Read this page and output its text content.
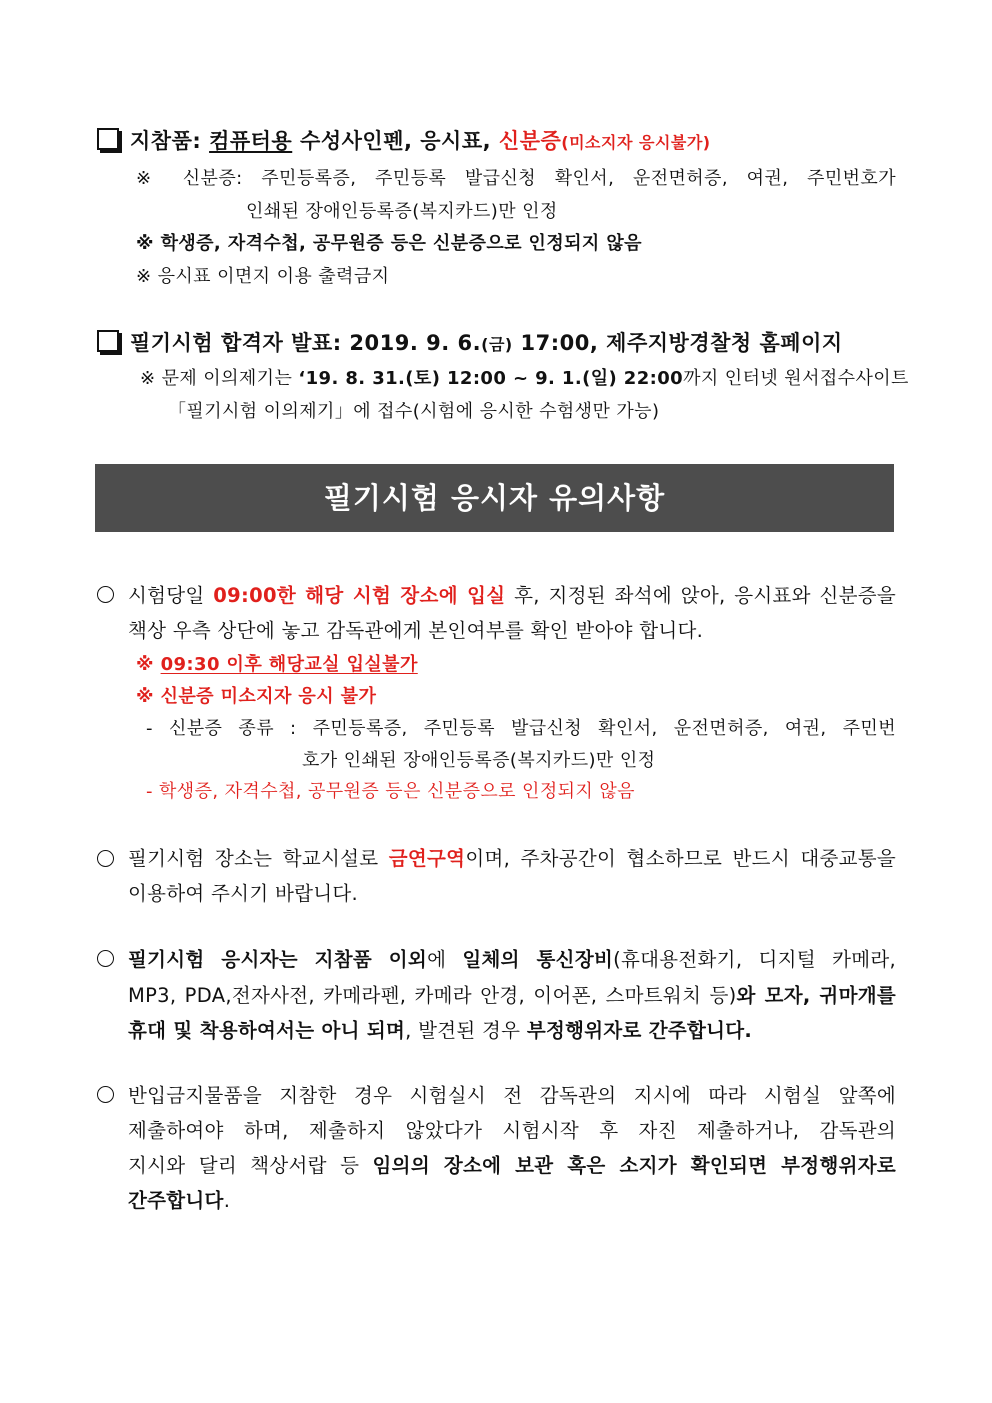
지참품: 컴퓨터용 수성사인펜, 응시표, 신분증(미소지자 응시불가)
※ 신분증: 주민등록증, 주민등록 발급신청 확인서, 운전면허증, 여권, 주민번호가
인쇄된 장애인등록증(복지카드)만 인정
※ 학생증, 자격수첩, 공무원증 등은 신분증으로 인정되지 않음
※ 응시표 이면지 이용 출력금지
필기시험 합격자 발표: 2019. 9. 6.(금) 17:00, 제주지방경찰청 홈페이지
※ 문제 이의제기는 ‘19. 8. 31.(토) 12:00 ~ 9. 1.(일) 22:00까지 인터넷 원서접수사이트
「필기시험 이의제기」에 접수(시험에 응시한 수험생만 가능)
필기시험 응시자 유의사항
시험당일 09:00한 해당 시험 장소에 입실 후, 지정된 좌석에 앉아, 응시표와 신분증을
책상 우측 상단에 놓고 감독관에게 본인여부를 확인 받아야 합니다.
※ 09:30 이후 해당교실 입실불가
※ 신분증 미소지자 응시 불가
- 신분증 종류 : 주민등록증, 주민등록 발급신청 확인서, 운전면허증, 여권, 주민번
호가 인쇄된 장애인등록증(복지카드)만 인정
- 학생증, 자격수첩, 공무원증 등은 신분증으로 인정되지 않음
필기시험 장소는 학교시설로 금연구역이며, 주차공간이 협소하므로 반드시 대중교통을
이용하여 주시기 바랍니다.
필기시험 응시자는 지참품 이외에 일체의 통신장비(휴대용전화기, 디지털 카메라,
MP3, PDA,전자사전, 카메라펜, 카메라 안경, 이어폰, 스마트워치 등)와 모자, 귀마개를
휴대 및 착용하여서는 아니 되며, 발견된 경우 부정행위자로 간주합니다.
반입금지물품을 지참한 경우 시험실시 전 감독관의 지시에 따라 시험실 앞쪽에
제출하여야 하며, 제출하지 않았다가 시험시작 후 자진 제출하거나, 감독관의
지시와 달리 책상서랍 등 임의의 장소에 보관 혹은 소지가 확인되면 부정행위자로
간주합니다.
